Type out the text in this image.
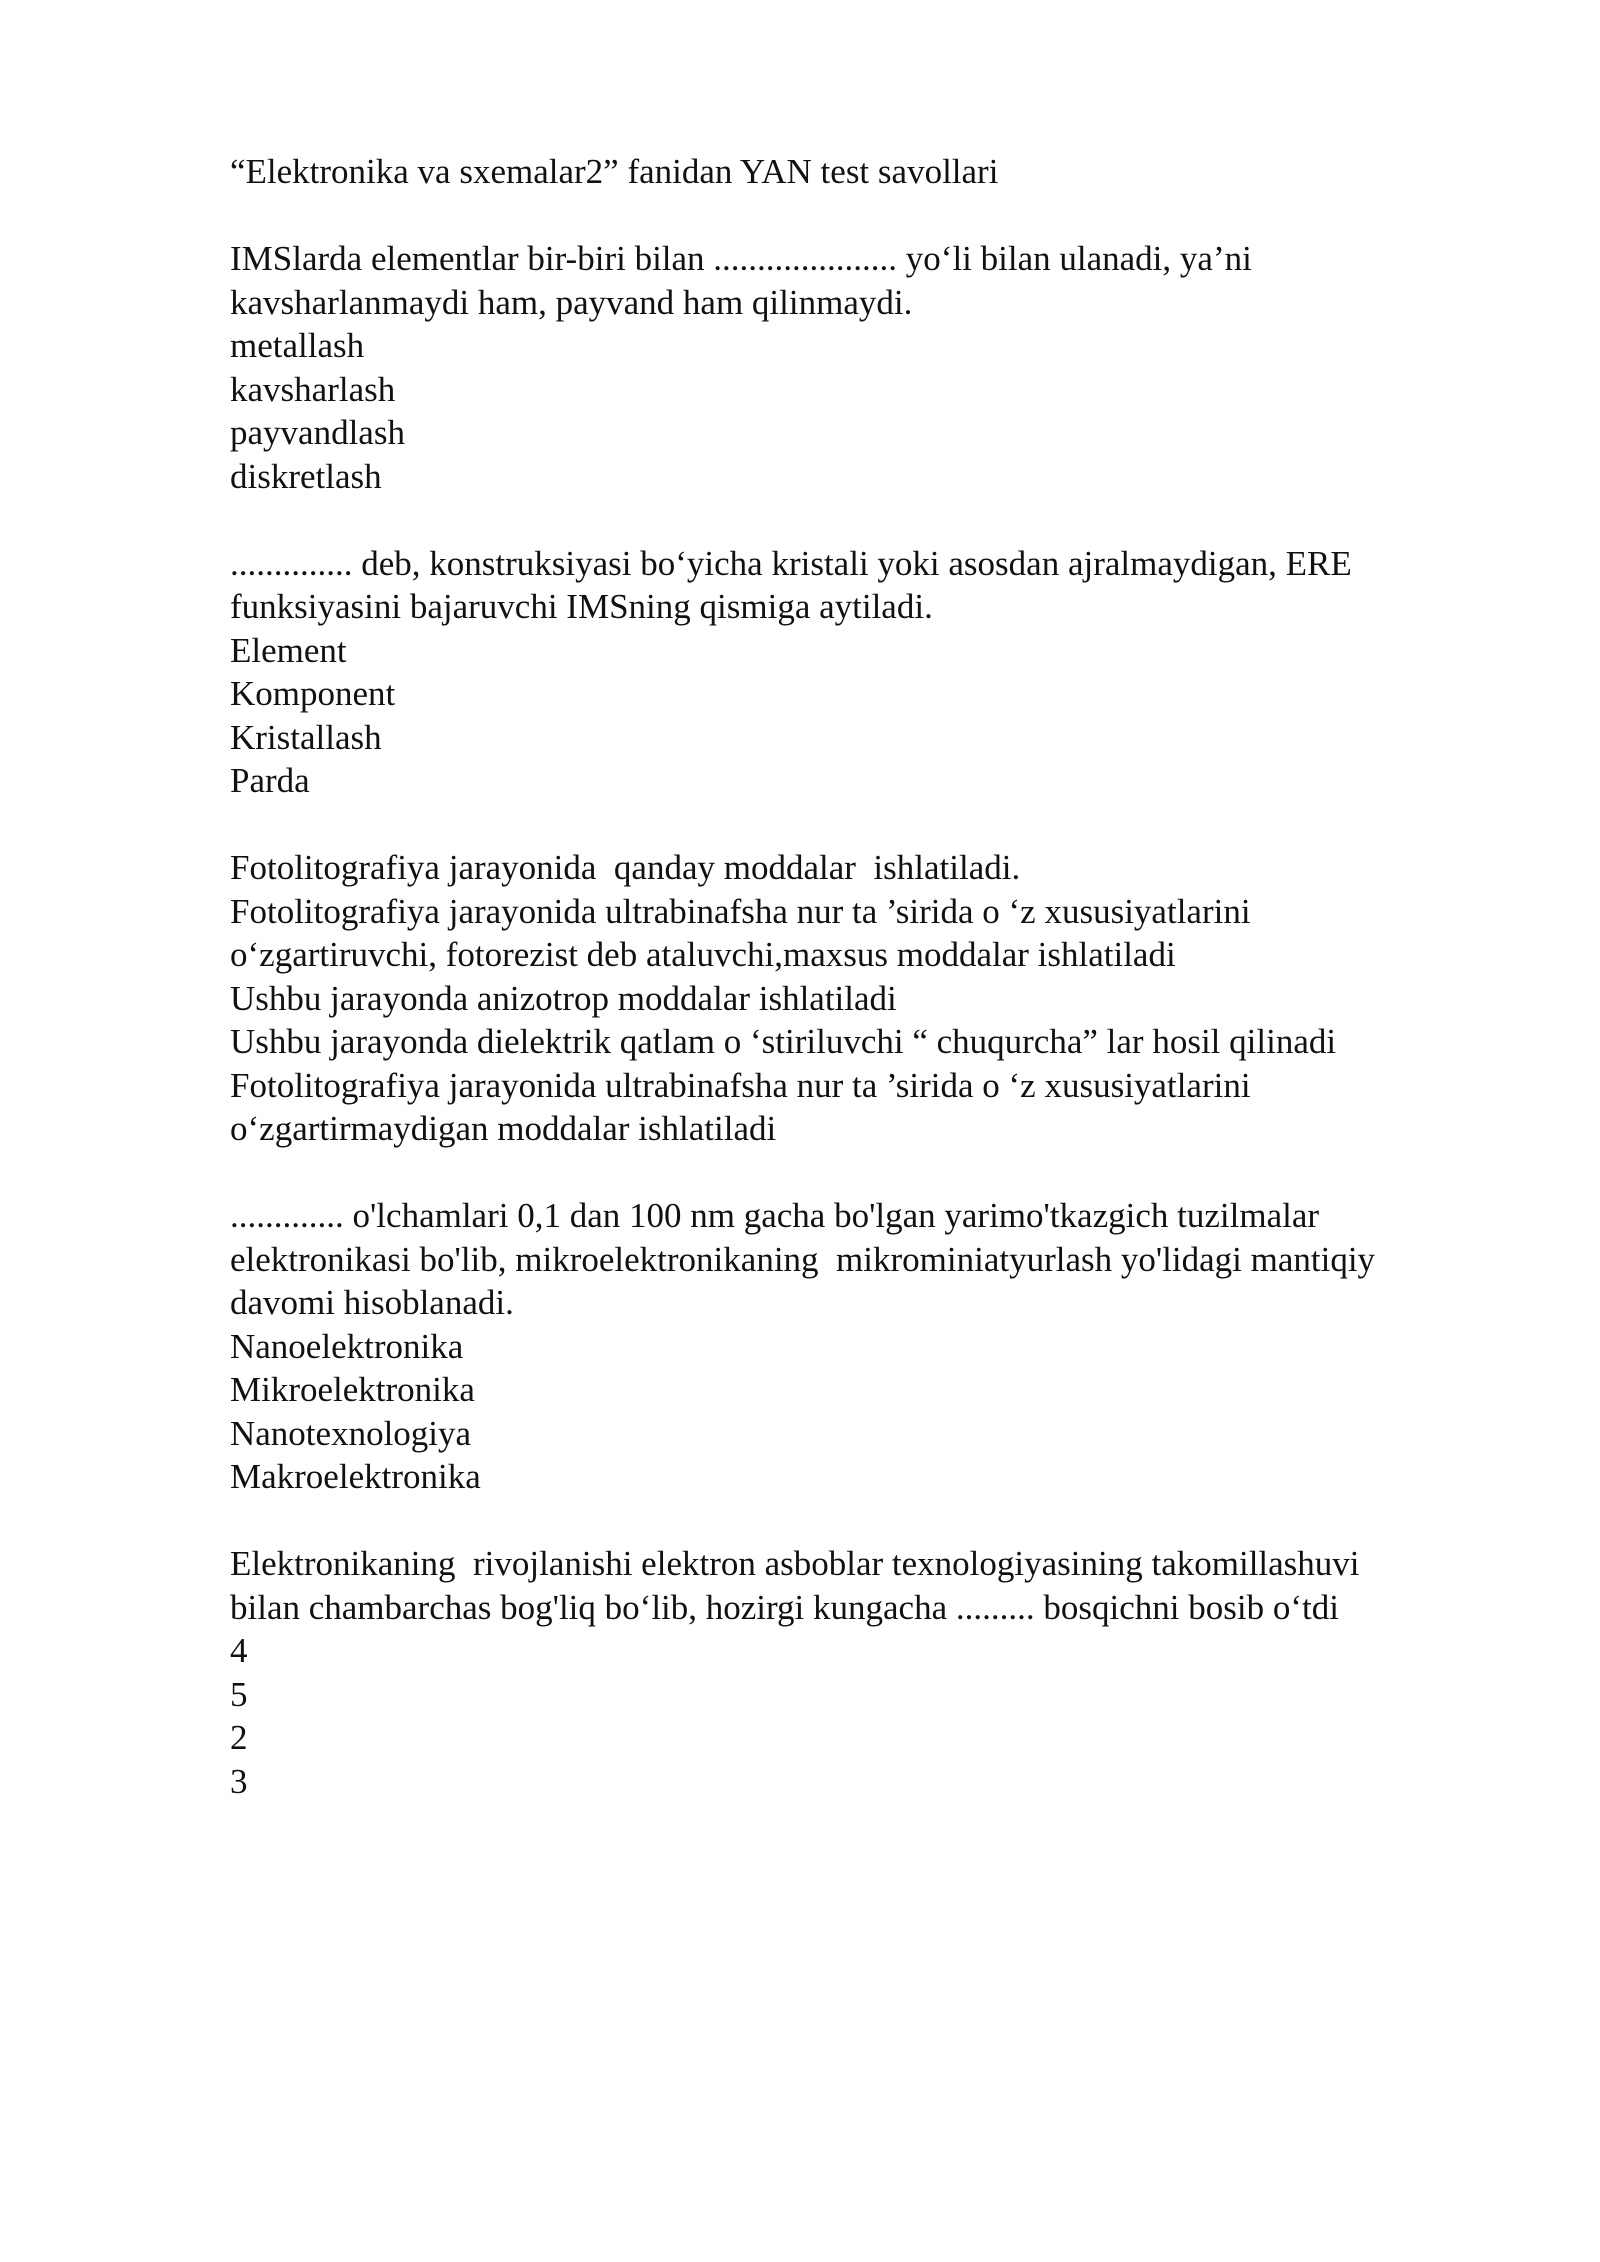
“Elektronika va sxemalar2” fanidan YAN test savollari
IMSlarda elementlar bir-biri bilan ..................... yo‘li bilan ulanadi, ya’ni
kavsharlanmaydi ham, payvand ham qilinmaydi.
metallash
kavsharlash
payvandlash
diskretlash
.............. deb, konstruksiyasi bo‘yicha kristali yoki asosdan ajralmaydigan, ERE
funksiyasini bajaruvchi IMSning qismiga aytiladi.
Element
Komponent
Kristallash
Parda
Fotolitografiya jarayonida  qanday moddalar  ishlatiladi.
Fotolitografiya jarayonida ultrabinafsha nur ta ’sirida o ‘z xususiyatlarini
o‘zgartiruvchi, fotorezist deb ataluvchi,maxsus moddalar ishlatiladi
Ushbu jarayonda anizotrop moddalar ishlatiladi
Ushbu jarayonda dielektrik qatlam o ‘stiriluvchi “ chuqurcha” lar hosil qilinadi
Fotolitografiya jarayonida ultrabinafsha nur ta ’sirida o ‘z xususiyatlarini
o‘zgartirmaydigan moddalar ishlatiladi
............. o'lchamlari 0,1 dan 100 nm gacha bo'lgan yarimo'tkazgich tuzilmalar
elektronikasi bo'lib, mikroelektronikaning  mikrominiatyurlash yo'lidagi mantiqiy
davomi hisoblanadi.
Nanoelektronika
Mikroelektronika
Nanotexnologiya
Makroelektronika
Elektronikaning  rivojlanishi elektron asboblar texnologiyasining takomillashuvi
bilan chambarchas bog'liq bo‘lib, hozirgi kungacha ......... bosqichni bosib o‘tdi
4
5
2
3
